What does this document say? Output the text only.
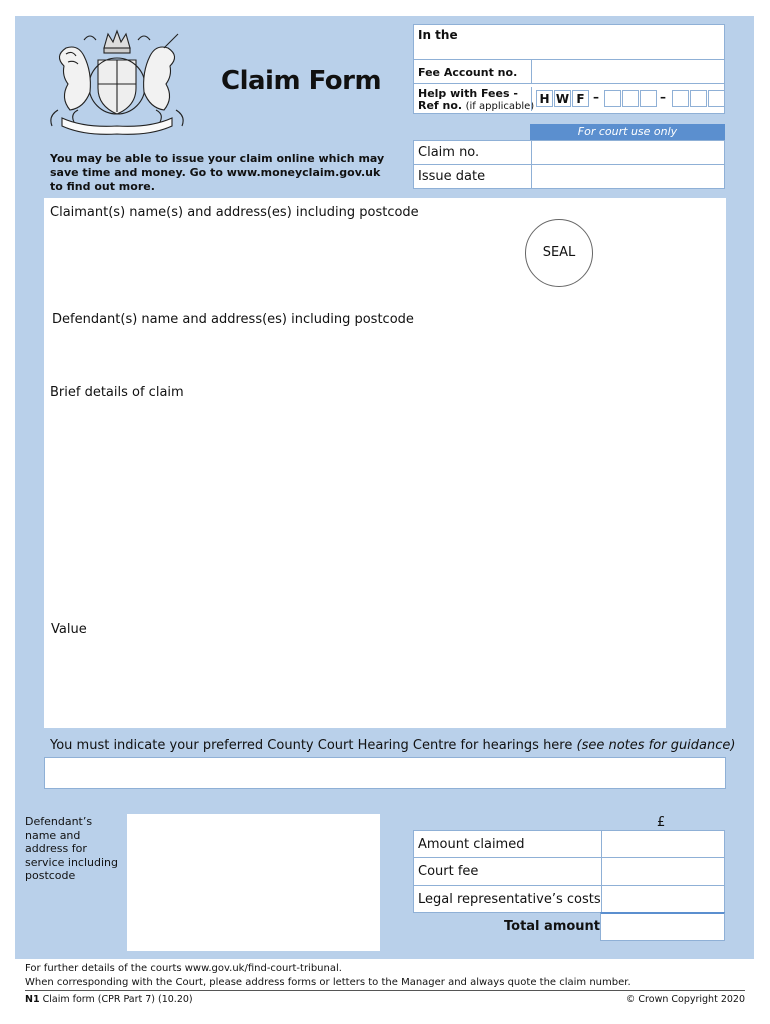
Claim Form
In the
Fee Account no.
Help with Fees -
Ref no. (if applicable)
H W F –	–
For court use only
Claim no.
Issue date
You may be able to issue your claim online which may
save time and money. Go to www.moneyclaim.gov.uk
to find out more.
Claimant(s) name(s) and address(es) including postcode
SEAL
Defendant(s) name and address(es) including postcode
Brief details of claim
Value
You must indicate your preferred County Court Hearing Centre for hearings here (see notes for guidance)
Defendant’s
name and
address for
service including
postcode
£
Amount claimed
Court fee
Legal representative’s costs
Total amount
For further details of the courts www.gov.uk/find-court-tribunal.
When corresponding with the Court, please address forms or letters to the Manager and always quote the claim number.
N1 Claim form (CPR Part 7) (10.20)	© Crown Copyright 2020
